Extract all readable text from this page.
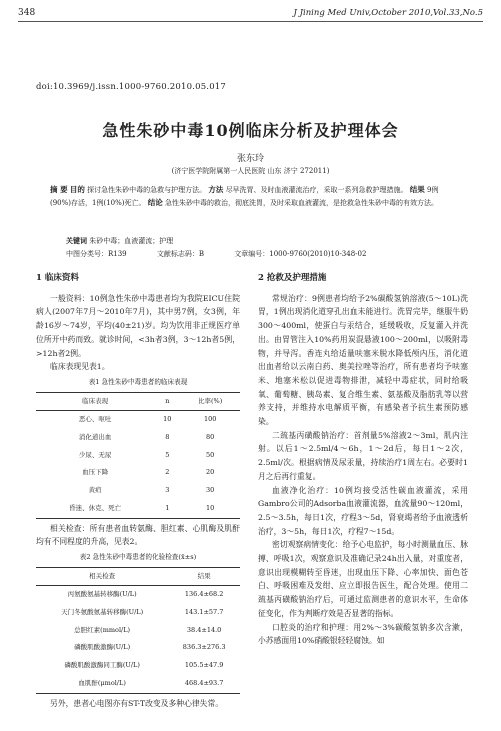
348	J Jining Med Univ,October 2010,Vol.33,No.5
doi:10.3969/j.issn.1000-9760.2010.05.017
急性朱砂中毒10例临床分析及护理体会
张东玲
(济宁医学院附属第一人民医院 山东 济宁 272011)
摘 要 目的 探讨急性朱砂中毒的急救与护理方法。 方法 尽早洗胃、及时血液灌流治疗，采取一系列急救护理措施。 结果 9例(90%)存活，1例(10%)死亡。 结论 急性朱砂中毒的救治，彻底洗胃，及时采取血液灌流，是抢救急性朱砂中毒的有效方法。
关键词 朱砂中毒；血液灌流；护理
中图分类号：R139	文献标志码：B	文章编号：1000-9760(2010)10-348-02
1 临床资料

一般资料：10例急性朱砂中毒患者均为我院EICU住院病人(2007年7月～2010年7月)，其中男7例，女3例，年龄16岁～74岁，平均(40±21)岁。均为饮用非正规医疗单位所开中药而致。就诊时间，<3h者3例，3～12h者5例，>12h者2例。

临床表现见表1。

表1 急性朱砂中毒患者的临床表现
临床表现	n	比率(%)
恶心、呕吐	10	100
消化道出血	8	80
少尿、无尿	5	50
血压下降	2	20
黄疸	3	30
昏迷、休克、死亡	1	10

相关检查：所有患者血转氨酶、胆红素、心肌酶及肌酐均有不同程度的升高，见表2。

表2 急性朱砂中毒患者的化验检查(x̄±s)
相关检查	结果
丙氨酸氨基转移酶(U/L)	136.4±68.2
天门冬氨酸氨基转移酶(U/L)	143.1±57.7
总胆红素(mmol/L)	38.4±14.0
磷酸肌酸激酶(U/L)	836.3±276.3
磷酸肌酸激酶同工酶(U/L)	105.5±47.9
血肌酐(μmol/L)	468.4±93.7

另外，患者心电图亦有ST-T改变及多种心律失常。

2 抢救及护理措施

常规治疗：9例患者均给予2%碳酸氢钠溶液(5～10L)洗胃，1例出现消化道穿孔出血未能进行。洗胃完毕，继服牛奶300～400ml，使蛋白与汞结合，延缓吸收，反复灌入并洗出。由胃管注入10%药用炭混悬液100～200ml，以吸附毒物，并导泻。香连丸给适量呋塞米脱水降低颅内压，消化道出血者给以云南白药、奥美拉唑等治疗，所有患者均予呋塞米、地塞米松以促进毒物排泄，减轻中毒症状，同时给吸氧、葡萄糖、胰岛素、复合维生素、氨基酸及脂肪乳等以营养支持，并维持水电解质平衡，有感染者予抗生素预防感染。

二巯基丙磺酸钠治疗：首剂量5%溶液2～3ml，肌内注射。以后1～2.5ml/4～6h，1～2d后，每日1～2次，2.5ml/次。根据病情及尿汞量，持续治疗1周左右。必要时1月之后再行重复。

血液净化治疗：10例均接受活性碳血液灌流，采用Gambro公司的Adsorba血液灌流器，血流量90～120ml，2.5～3.5h，每日1次，疗程3～5d，肾衰竭者给予血液透析治疗，3～5h，每日1次，疗程7～15d。

密切观察病情变化：给予心电监护，每小时测量血压、脉搏、呼吸1次，观察意识及准确记录24h出入量，对重度者，意识出现模糊转至昏迷，出现血压下降、心率加快、面色苍白、呼吸困难及发绀、应立即报告医生，配合处理。使用二巯基丙磺酸钠治疗后，可通过监测患者的意识水平，生命体征变化，作为判断疗效是否显著的指标。

口腔炎的治疗和护理：用2%～3%碳酸氢钠多次含漱，小苏感面用10%硝酸银轻轻腐蚀。如
